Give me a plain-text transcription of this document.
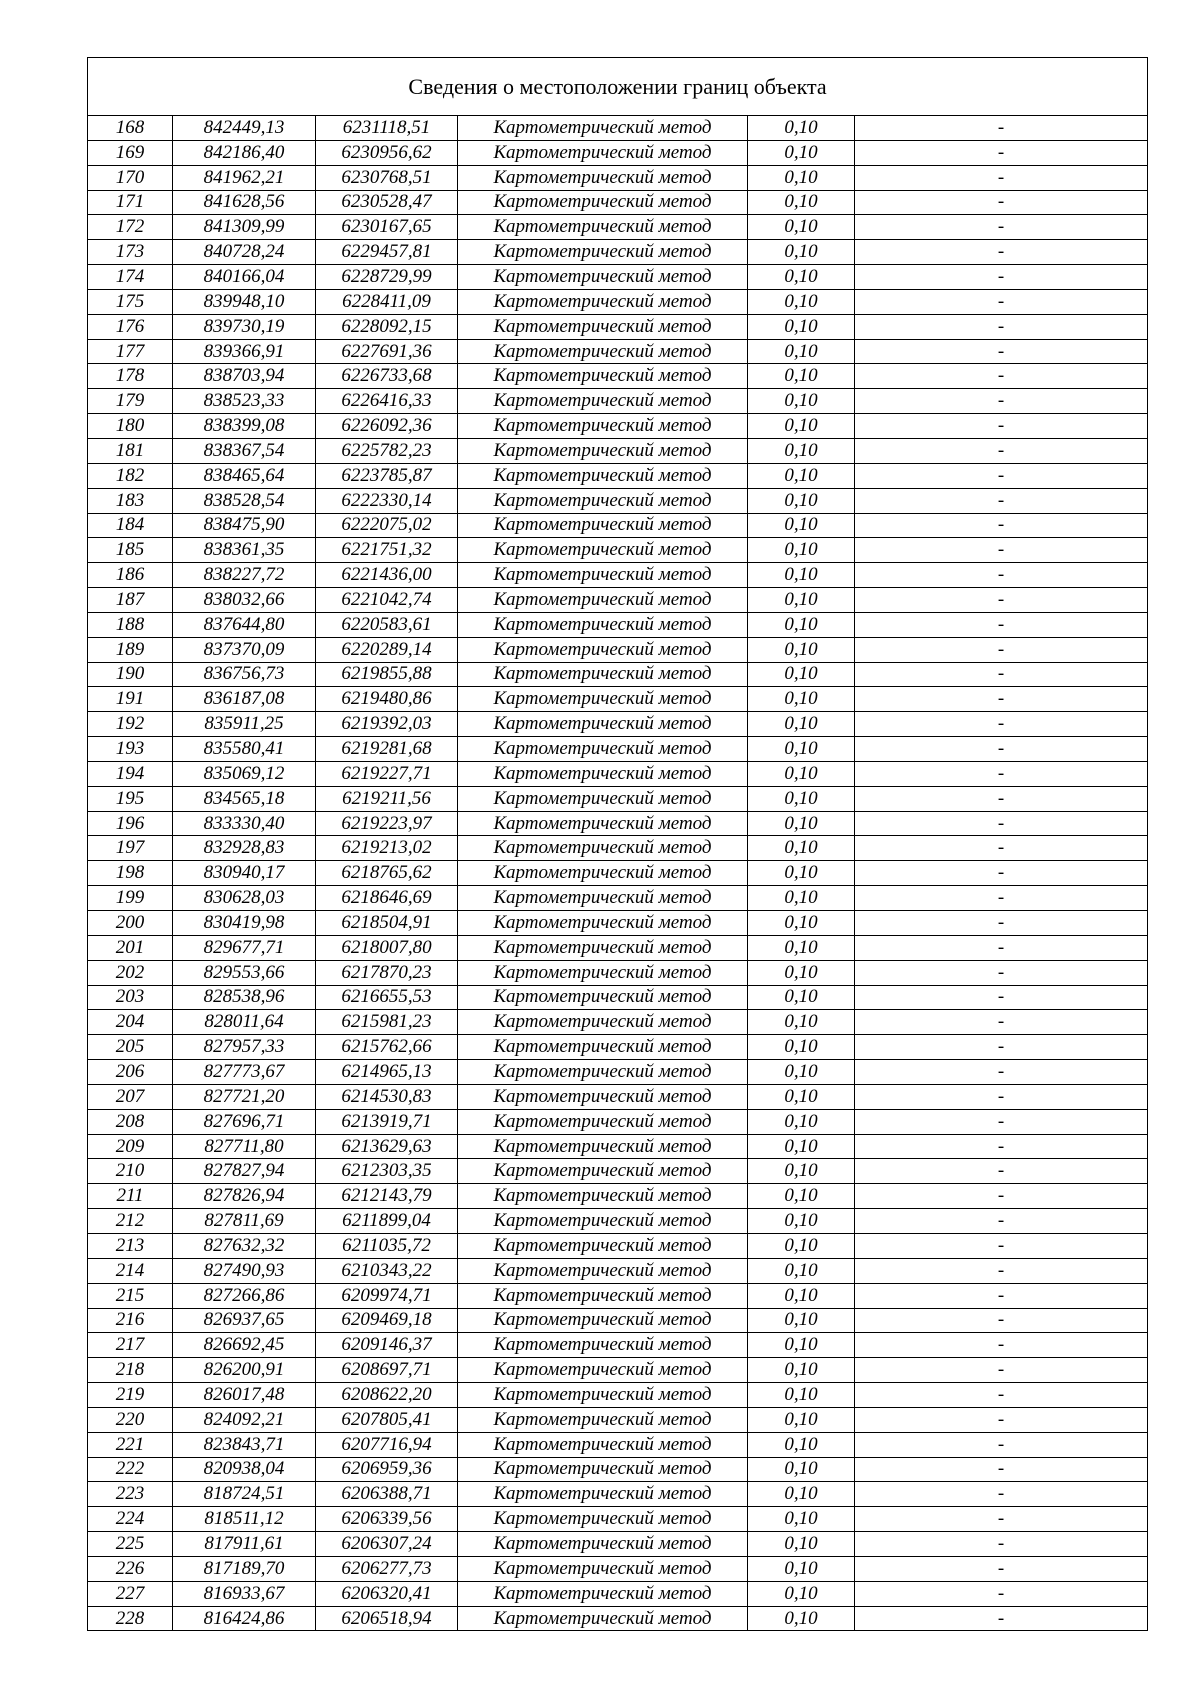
Сведения о местоположении границ объекта					
168	842449,13	6231118,51	Картометрический метод	0,10	-
169	842186,40	6230956,62	Картометрический метод	0,10	-
170	841962,21	6230768,51	Картометрический метод	0,10	-
171	841628,56	6230528,47	Картометрический метод	0,10	-
172	841309,99	6230167,65	Картометрический метод	0,10	-
173	840728,24	6229457,81	Картометрический метод	0,10	-
174	840166,04	6228729,99	Картометрический метод	0,10	-
175	839948,10	6228411,09	Картометрический метод	0,10	-
176	839730,19	6228092,15	Картометрический метод	0,10	-
177	839366,91	6227691,36	Картометрический метод	0,10	-
178	838703,94	6226733,68	Картометрический метод	0,10	-
179	838523,33	6226416,33	Картометрический метод	0,10	-
180	838399,08	6226092,36	Картометрический метод	0,10	-
181	838367,54	6225782,23	Картометрический метод	0,10	-
182	838465,64	6223785,87	Картометрический метод	0,10	-
183	838528,54	6222330,14	Картометрический метод	0,10	-
184	838475,90	6222075,02	Картометрический метод	0,10	-
185	838361,35	6221751,32	Картометрический метод	0,10	-
186	838227,72	6221436,00	Картометрический метод	0,10	-
187	838032,66	6221042,74	Картометрический метод	0,10	-
188	837644,80	6220583,61	Картометрический метод	0,10	-
189	837370,09	6220289,14	Картометрический метод	0,10	-
190	836756,73	6219855,88	Картометрический метод	0,10	-
191	836187,08	6219480,86	Картометрический метод	0,10	-
192	835911,25	6219392,03	Картометрический метод	0,10	-
193	835580,41	6219281,68	Картометрический метод	0,10	-
194	835069,12	6219227,71	Картометрический метод	0,10	-
195	834565,18	6219211,56	Картометрический метод	0,10	-
196	833330,40	6219223,97	Картометрический метод	0,10	-
197	832928,83	6219213,02	Картометрический метод	0,10	-
198	830940,17	6218765,62	Картометрический метод	0,10	-
199	830628,03	6218646,69	Картометрический метод	0,10	-
200	830419,98	6218504,91	Картометрический метод	0,10	-
201	829677,71	6218007,80	Картометрический метод	0,10	-
202	829553,66	6217870,23	Картометрический метод	0,10	-
203	828538,96	6216655,53	Картометрический метод	0,10	-
204	828011,64	6215981,23	Картометрический метод	0,10	-
205	827957,33	6215762,66	Картометрический метод	0,10	-
206	827773,67	6214965,13	Картометрический метод	0,10	-
207	827721,20	6214530,83	Картометрический метод	0,10	-
208	827696,71	6213919,71	Картометрический метод	0,10	-
209	827711,80	6213629,63	Картометрический метод	0,10	-
210	827827,94	6212303,35	Картометрический метод	0,10	-
211	827826,94	6212143,79	Картометрический метод	0,10	-
212	827811,69	6211899,04	Картометрический метод	0,10	-
213	827632,32	6211035,72	Картометрический метод	0,10	-
214	827490,93	6210343,22	Картометрический метод	0,10	-
215	827266,86	6209974,71	Картометрический метод	0,10	-
216	826937,65	6209469,18	Картометрический метод	0,10	-
217	826692,45	6209146,37	Картометрический метод	0,10	-
218	826200,91	6208697,71	Картометрический метод	0,10	-
219	826017,48	6208622,20	Картометрический метод	0,10	-
220	824092,21	6207805,41	Картометрический метод	0,10	-
221	823843,71	6207716,94	Картометрический метод	0,10	-
222	820938,04	6206959,36	Картометрический метод	0,10	-
223	818724,51	6206388,71	Картометрический метод	0,10	-
224	818511,12	6206339,56	Картометрический метод	0,10	-
225	817911,61	6206307,24	Картометрический метод	0,10	-
226	817189,70	6206277,73	Картометрический метод	0,10	-
227	816933,67	6206320,41	Картометрический метод	0,10	-
228	816424,86	6206518,94	Картометрический метод	0,10	-
